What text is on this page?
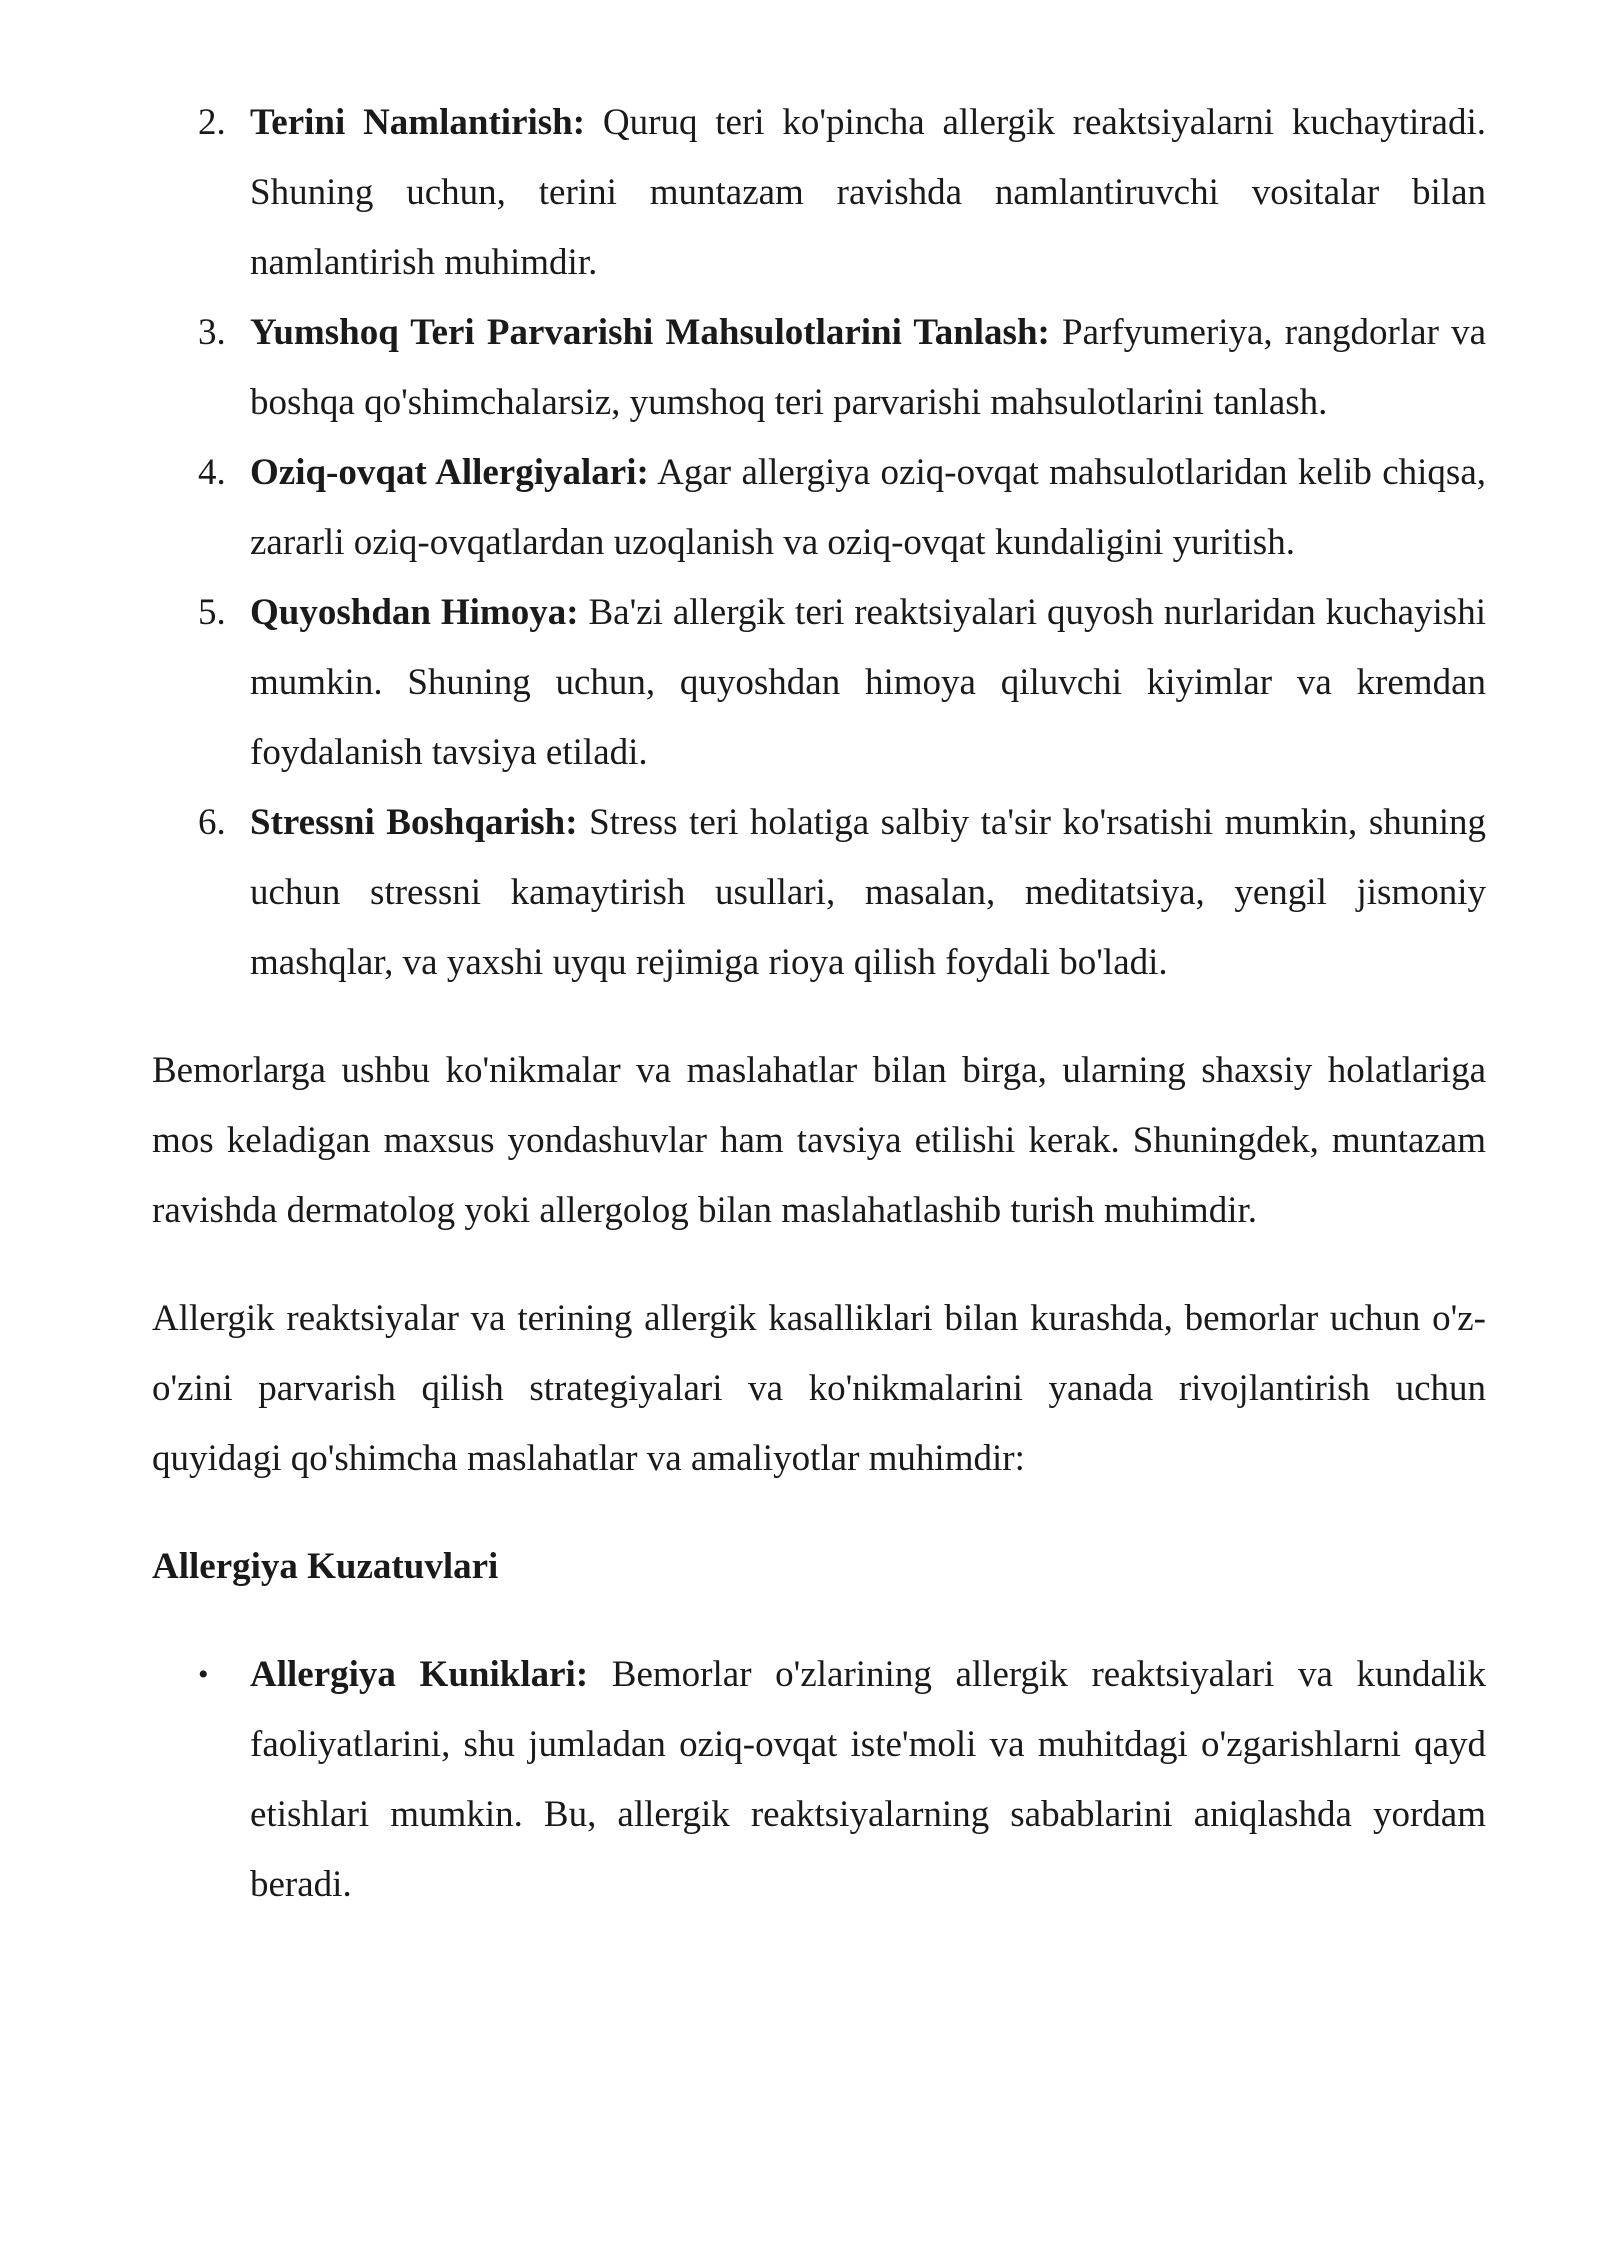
2. Terini Namlantirish: Quruq teri ko'pincha allergik reaktsiyalarni kuchaytiradi. Shuning uchun, terini muntazam ravishda namlantiruvchi vositalar bilan namlantirish muhimdir.
3. Yumshoq Teri Parvarishi Mahsulotlarini Tanlash: Parfyumeriya, rangdorlar va boshqa qo'shimchalarsiz, yumshoq teri parvarishi mahsulotlarini tanlash.
4. Oziq-ovqat Allergiyalari: Agar allergiya oziq-ovqat mahsulotlaridan kelib chiqsa, zararli oziq-ovqatlardan uzoqlanish va oziq-ovqat kundaligini yuritish.
5. Quyoshdan Himoya: Ba'zi allergik teri reaktsiyalari quyosh nurlaridan kuchayishi mumkin. Shuning uchun, quyoshdan himoya qiluvchi kiyimlar va kremdan foydalanish tavsiya etiladi.
6. Stressni Boshqarish: Stress teri holatiga salbiy ta'sir ko'rsatishi mumkin, shuning uchun stressni kamaytirish usullari, masalan, meditatsiya, yengil jismoniy mashqlar, va yaxshi uyqu rejimiga rioya qilish foydali bo'ladi.

Bemorlarga ushbu ko'nikmalar va maslahatlar bilan birga, ularning shaxsiy holatlariga mos keladigan maxsus yondashuvlar ham tavsiya etilishi kerak. Shuningdek, muntazam ravishda dermatolog yoki allergolog bilan maslahatlashib turish muhimdir.

Allergik reaktsiyalar va terining allergik kasalliklari bilan kurashda, bemorlar uchun o'z-o'zini parvarish qilish strategiyalari va ko'nikmalarini yanada rivojlantirish uchun quyidagi qo'shimcha maslahatlar va amaliyotlar muhimdir:

Allergiya Kuzatuvlari
• Allergiya Kuniklari: Bemorlar o'zlarining allergik reaktsiyalari va kundalik faoliyatlarini, shu jumladan oziq-ovqat iste'moli va muhitdagi o'zgarishlarni qayd etishlari mumkin. Bu, allergik reaktsiyalarning sabablarini aniqlashda yordam beradi.
